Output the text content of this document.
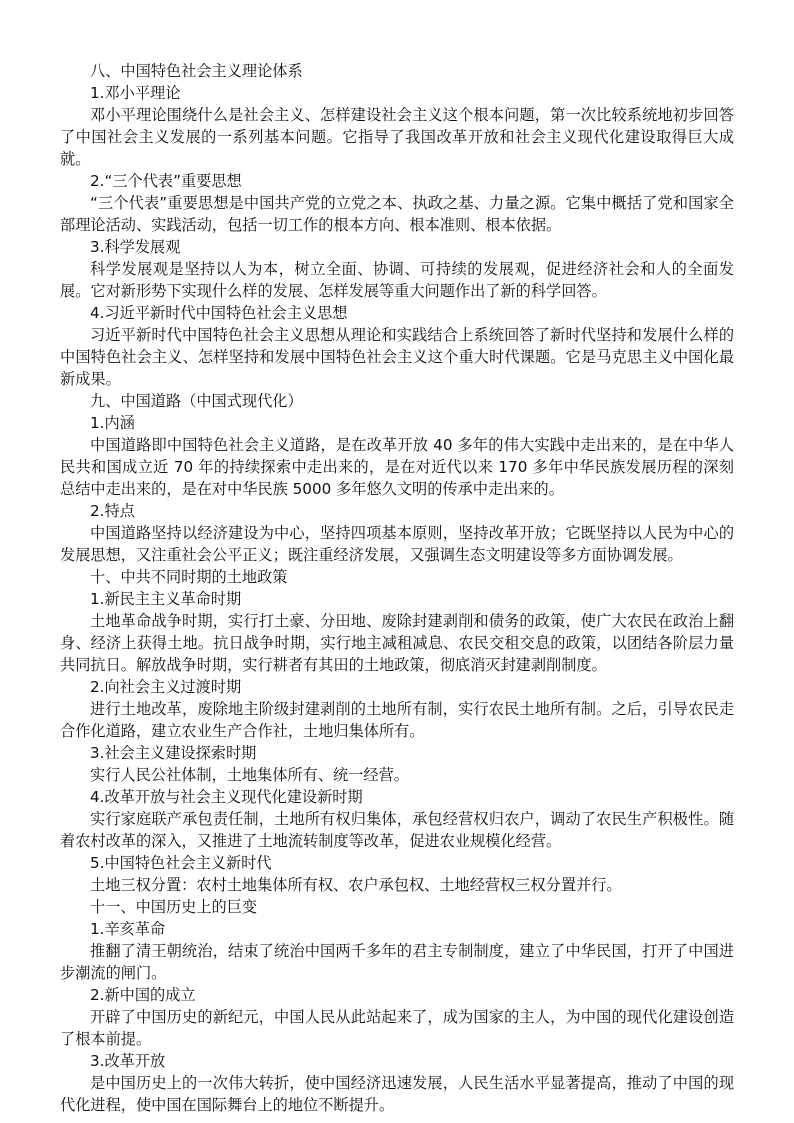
八、中国特色社会主义理论体系
1.邓小平理论
邓小平理论围绕什么是社会主义、怎样建设社会主义这个根本问题，第一次比较系统地初步回答了中国社会主义发展的一系列基本问题。它指导了我国改革开放和社会主义现代化建设取得巨大成就。
2.“三个代表”重要思想
“三个代表”重要思想是中国共产党的立党之本、执政之基、力量之源。它集中概括了党和国家全部理论活动、实践活动，包括一切工作的根本方向、根本准则、根本依据。
3.科学发展观
科学发展观是坚持以人为本，树立全面、协调、可持续的发展观，促进经济社会和人的全面发展。它对新形势下实现什么样的发展、怎样发展等重大问题作出了新的科学回答。
4.习近平新时代中国特色社会主义思想
习近平新时代中国特色社会主义思想从理论和实践结合上系统回答了新时代坚持和发展什么样的中国特色社会主义、怎样坚持和发展中国特色社会主义这个重大时代课题。它是马克思主义中国化最新成果。
九、中国道路（中国式现代化）
1.内涵
中国道路即中国特色社会主义道路，是在改革开放 40 多年的伟大实践中走出来的，是在中华人民共和国成立近 70 年的持续探索中走出来的，是在对近代以来 170 多年中华民族发展历程的深刻总结中走出来的，是在对中华民族 5000 多年悠久文明的传承中走出来的。
2.特点
中国道路坚持以经济建设为中心，坚持四项基本原则，坚持改革开放；它既坚持以人民为中心的发展思想，又注重社会公平正义；既注重经济发展，又强调生态文明建设等多方面协调发展。
十、中共不同时期的土地政策
1.新民主主义革命时期
土地革命战争时期，实行打土豪、分田地、废除封建剥削和债务的政策，使广大农民在政治上翻身、经济上获得土地。抗日战争时期，实行地主减租减息、农民交租交息的政策，以团结各阶层力量共同抗日。解放战争时期，实行耕者有其田的土地政策，彻底消灭封建剥削制度。
2.向社会主义过渡时期
进行土地改革，废除地主阶级封建剥削的土地所有制，实行农民土地所有制。之后，引导农民走合作化道路，建立农业生产合作社，土地归集体所有。
3.社会主义建设探索时期
实行人民公社体制，土地集体所有、统一经营。
4.改革开放与社会主义现代化建设新时期
实行家庭联产承包责任制，土地所有权归集体，承包经营权归农户，调动了农民生产积极性。随着农村改革的深入，又推进了土地流转制度等改革，促进农业规模化经营。
5.中国特色社会主义新时代
土地三权分置：农村土地集体所有权、农户承包权、土地经营权三权分置并行。
十一、中国历史上的巨变
1.辛亥革命
推翻了清王朝统治，结束了统治中国两千多年的君主专制制度，建立了中华民国，打开了中国进步潮流的闸门。
2.新中国的成立
开辟了中国历史的新纪元，中国人民从此站起来了，成为国家的主人，为中国的现代化建设创造了根本前提。
3.改革开放
是中国历史上的一次伟大转折，使中国经济迅速发展，人民生活水平显著提高，推动了中国的现代化进程，使中国在国际舞台上的地位不断提升。
